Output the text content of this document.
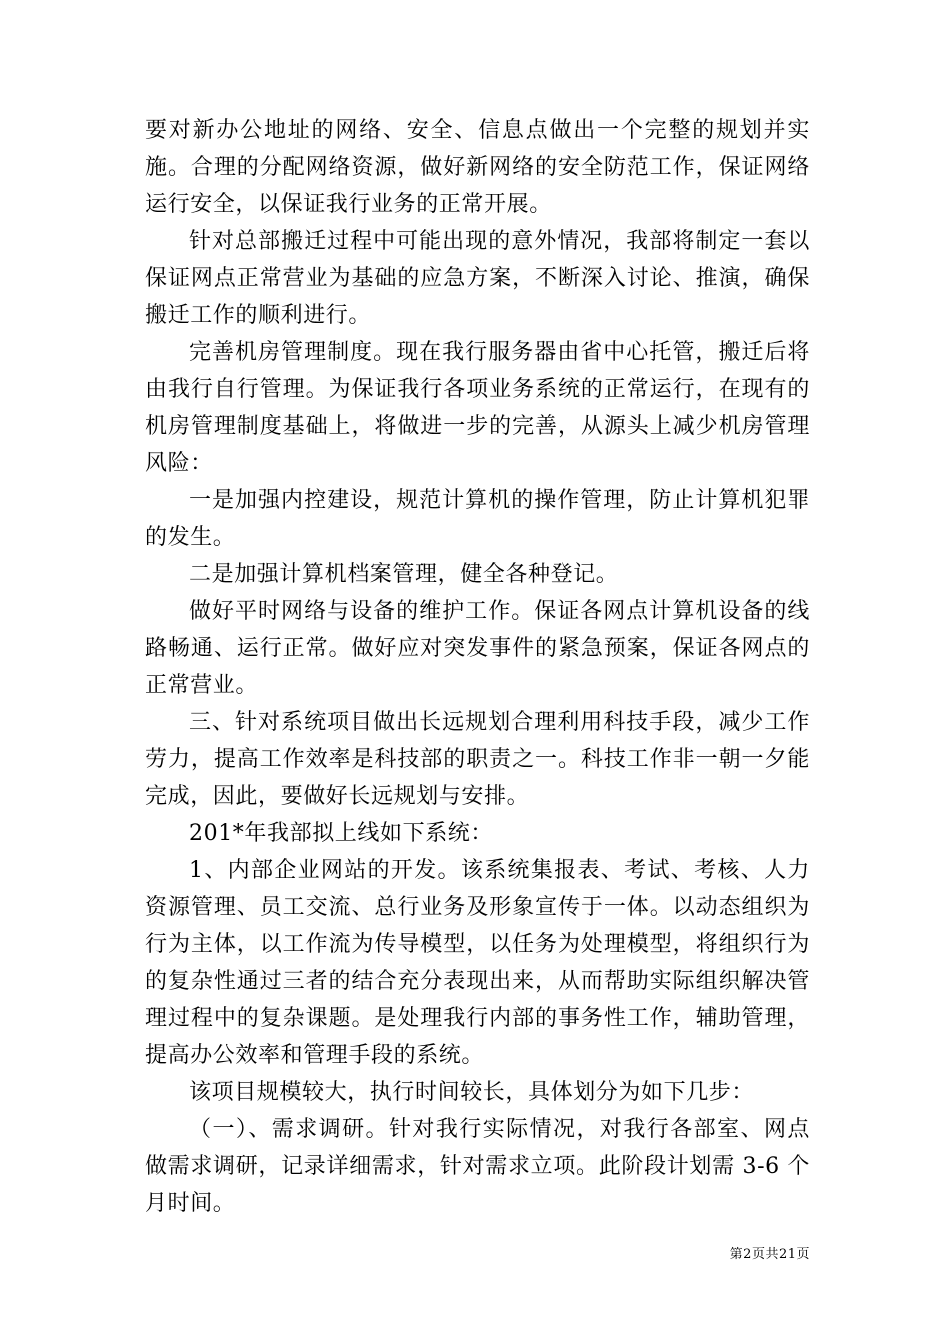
要对新办公地址的网络、安全、信息点做出一个完整的规划并实施。合理的分配网络资源，做好新网络的安全防范工作，保证网络运行安全，以保证我行业务的正常开展。

针对总部搬迁过程中可能出现的意外情况，我部将制定一套以保证网点正常营业为基础的应急方案，不断深入讨论、推演，确保搬迁工作的顺利进行。

完善机房管理制度。现在我行服务器由省中心托管，搬迁后将由我行自行管理。为保证我行各项业务系统的正常运行，在现有的机房管理制度基础上，将做进一步的完善，从源头上减少机房管理风险：

一是加强内控建设，规范计算机的操作管理，防止计算机犯罪的发生。

二是加强计算机档案管理，健全各种登记。

做好平时网络与设备的维护工作。保证各网点计算机设备的线路畅通、运行正常。做好应对突发事件的紧急预案，保证各网点的正常营业。

三、针对系统项目做出长远规划合理利用科技手段，减少工作劳力，提高工作效率是科技部的职责之一。科技工作非一朝一夕能完成，因此，要做好长远规划与安排。

201*年我部拟上线如下系统：

1、内部企业网站的开发。该系统集报表、考试、考核、人力资源管理、员工交流、总行业务及形象宣传于一体。以动态组织为行为主体，以工作流为传导模型，以任务为处理模型，将组织行为的复杂性通过三者的结合充分表现出来，从而帮助实际组织解决管理过程中的复杂课题。是处理我行内部的事务性工作，辅助管理，提高办公效率和管理手段的系统。

该项目规模较大，执行时间较长，具体划分为如下几步：

（一）、需求调研。针对我行实际情况，对我行各部室、网点做需求调研，记录详细需求，针对需求立项。此阶段计划需 3-6 个月时间。

第2页共21页
